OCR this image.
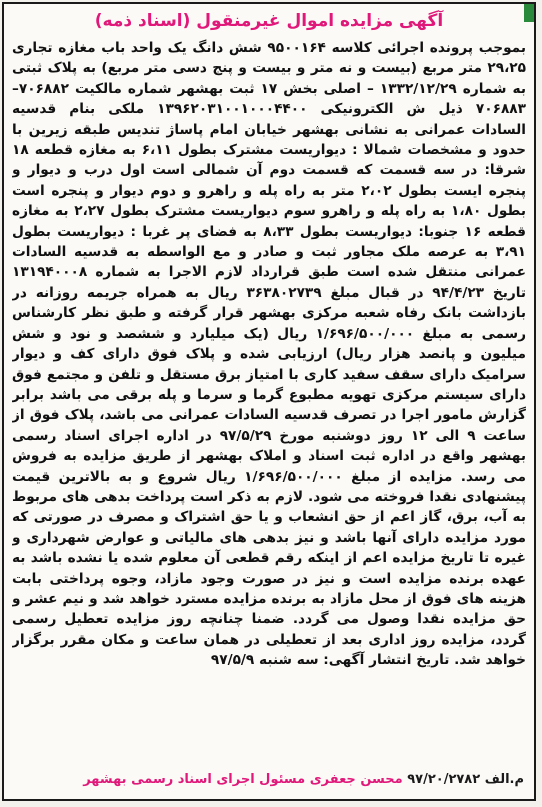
آگهی مزایده اموال غیرمنقول (اسناد ذمه)
بموجب پرونده اجرائی کلاسه ۹۵۰۰۱۶۴ شش دانگ یک واحد باب مغازه تجاری ۲۹،۲۵ متر مربع (بیست و نه متر و بیست و پنج دسی متر مربع) به پلاک ثبتی به شماره ۱۳۳۲/۱۲/۲۹ – اصلی بخش ۱۷ ثبت بهشهر شماره مالکیت ۷۰۶۸۸۲–۷۰۶۸۸۳ ذیل ش الکترونیکی ۱۳۹۶۲۰۳۱۰۰۱۰۰۰۴۴۰۰ ملکی بنام قدسیه السادات عمرانی به نشانی بهشهر خیابان امام پاساژ تندیس طبقه زیرین با حدود و مشخصات شمالا : دیواریست مشترک بطول ۶،۱۱ به مغازه قطعه ۱۸ شرقا: در سه قسمت که قسمت دوم آن شمالی است اول درب و دیوار و پنجره ایست بطول ۲،۰۲ متر به راه پله و راهرو و دوم دیوار و پنجره است بطول ۱،۸۰ به راه پله و راهرو سوم دیواریست مشترک بطول ۲،۲۷ به مغازه قطعه ۱۶ جنوبا: دیواریست بطول ۸،۳۳ به فضای پر غربا : دیواریست بطول ۳،۹۱ به عرصه ملک مجاور ثبت و صادر و مع الواسطه به قدسیه السادات عمرانی منتقل شده است طبق قرارداد لازم الاجرا به شماره ۱۳۱۹۴۰۰۰۸ تاریخ ۹۴/۴/۲۳ در قبال مبلغ ۳۶۳۸۰۲۷۳۹ ریال به همراه جریمه روزانه در بازداشت بانک رفاه شعبه مرکزی بهشهر قرار گرفته و طبق نظر کارشناس رسمی به مبلغ ۱/۶۹۶/۵۰۰/۰۰۰ ریال (یک میلیارد و ششصد و نود و شش میلیون و پانصد هزار ریال) ارزیابی شده و پلاک فوق دارای کف و دیوار سرامیک دارای سقف سفید کاری با امتیاز برق مستقل و تلفن و مجتمع فوق دارای سیستم مرکزی تهویه مطبوع گرما و سرما و پله برقی می باشد برابر گزارش مامور اجرا در تصرف قدسیه السادات عمرانی می باشد، پلاک فوق از ساعت ۹ الی ۱۲ روز دوشنبه مورخ ۹۷/۵/۲۹ در اداره اجرای اسناد رسمی بهشهر واقع در اداره ثبت اسناد و املاک بهشهر از طریق مزایده به فروش می رسد. مزایده از مبلغ ۱/۶۹۶/۵۰۰/۰۰۰ ریال شروع و به بالاترین قیمت پیشنهادی نقدا فروخته می شود. لازم به ذکر است پرداخت بدهی های مربوط به آب، برق، گاز اعم از حق انشعاب و یا حق اشتراک و مصرف در صورتی که مورد مزایده دارای آنها باشد و نیز بدهی های مالیاتی و عوارض شهرداری و غیره تا تاریخ مزایده اعم از اینکه رقم قطعی آن معلوم شده یا نشده باشد به عهده برنده مزایده است و نیز در صورت وجود مازاد، وجوه پرداختی بابت هزینه های فوق از محل مازاد به برنده مزایده مسترد خواهد شد و نیم عشر و حق مزایده نقدا وصول می گردد. ضمنا چنانچه روز مزایده تعطیل رسمی گردد، مزایده روز اداری بعد از تعطیلی در همان ساعت و مکان مقرر برگزار خواهد شد. تاریخ انتشار آگهی: سه شنبه ۹۷/۵/۹
م.الف ۹۷/۲۰/۲۷۸۲ محسن جعفری مسئول اجرای اسناد رسمی بهشهر
